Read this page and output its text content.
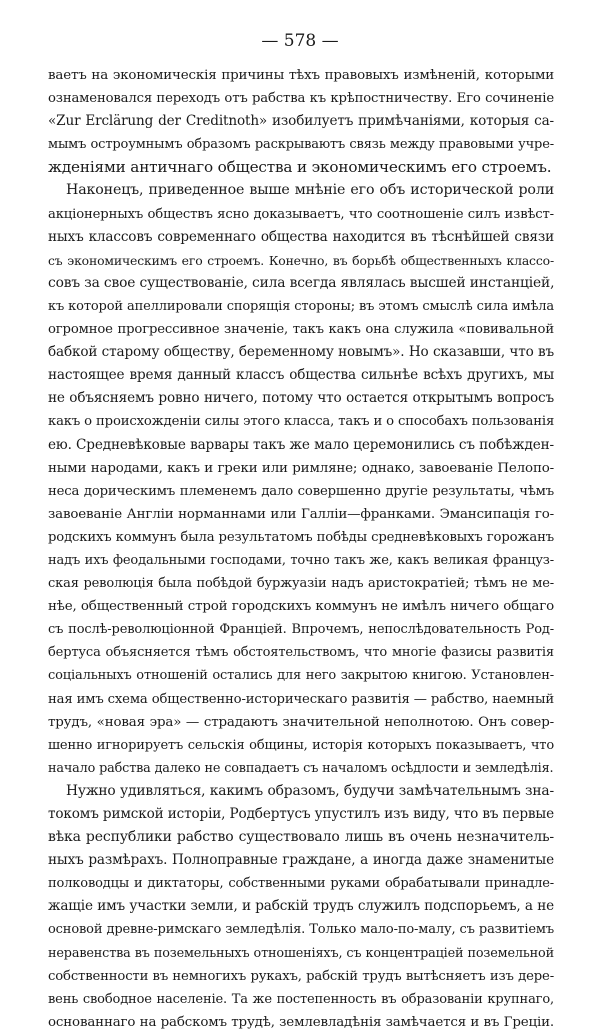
— 578 —
ваетъ на экономическія причины тѣхъ правовыхъ измѣненій, которыми
ознаменовался переходъ отъ рабства къ крѣпостничеству. Его сочиненіе
«Zur Erclärung der Creditnoth» изобилуетъ примѣчаніями, которыя са-
мымъ остроумнымъ образомъ раскрываютъ связь между правовыми учре-
жденіями античнаго общества и экономическимъ его строемъ.
Наконецъ, приведенное выше мнѣніе его объ исторической роли
акціонерныхъ обществъ ясно доказываетъ, что соотношеніе силъ извѣст-
ныхъ классовъ современнаго общества находится въ тѣснѣйшей связи
съ экономическимъ его строемъ. Конечно, въ борьбѣ общественныхъ классо-
совъ за свое существованіе, сила всегда являлась высшей инстанціей,
къ которой апеллировали спорящія стороны; въ этомъ смыслѣ сила имѣла
огромное прогрессивное значеніе, такъ какъ она служила «повивальной
бабкой старому обществу, беременному новымъ». Но сказавши, что въ
настоящее время данный классъ общества сильнѣе всѣхъ другихъ, мы
не объясняемъ ровно ничего, потому что остается открытымъ вопросъ
какъ о происхожденіи силы этого класса, такъ и о способахъ пользованія
ею. Средневѣковые варвары такъ же мало церемонились съ побѣжден-
ными народами, какъ и греки или римляне; однако, завоеваніе Пелопо-
неса дорическимъ племенемъ дало совершенно другіе результаты, чѣмъ
завоеваніе Англіи норманнами или Галліи—франками. Эмансипація го-
родскихъ коммунъ была результатомъ побѣды средневѣковыхъ горожанъ
надъ ихъ феодальными господами, точно такъ же, какъ великая француз-
ская революція была побѣдой буржуазіи надъ аристократіей; тѣмъ не ме-
нѣе, общественный строй городскихъ коммунъ не имѣлъ ничего общаго
съ послѣ-революціонной Франціей. Впрочемъ, непослѣдовательность Род-
бертуса объясняется тѣмъ обстоятельствомъ, что многіе фазисы развитія
соціальныхъ отношеній остались для него закрытою книгою. Установлен-
ная имъ схема общественно-историческаго развитія — рабство, наемный
трудъ, «новая эра» — страдаютъ значительной неполнотою. Онъ совер-
шенно игнорируетъ сельскія общины, исторія которыхъ показываетъ, что
начало рабства далеко не совпадаетъ съ началомъ осѣдлости и земледѣлія.
Нужно удивляться, какимъ образомъ, будучи замѣчательнымъ зна-
токомъ римской исторіи, Родбертусъ упустилъ изъ виду, что въ первые
вѣка республики рабство существовало лишь въ очень незначитель-
ныхъ размѣрахъ. Полноправные граждане, а иногда даже знаменитые
полководцы и диктаторы, собственными руками обрабатывали принадле-
жащіе имъ участки земли, и рабскій трудъ служилъ подспорьемъ, а не
основой древне-римскаго земледѣлія. Только мало-по-малу, съ развитіемъ
неравенства въ поземельныхъ отношеніяхъ, съ концентраціей поземельной
собственности въ немногихъ рукахъ, рабскій трудъ вытѣсняетъ изъ дере-
вень свободное населеніе. Та же постепенность въ образованіи крупнаго,
основаннаго на рабскомъ трудѣ, землевладѣнія замѣчается и въ Греціи.
